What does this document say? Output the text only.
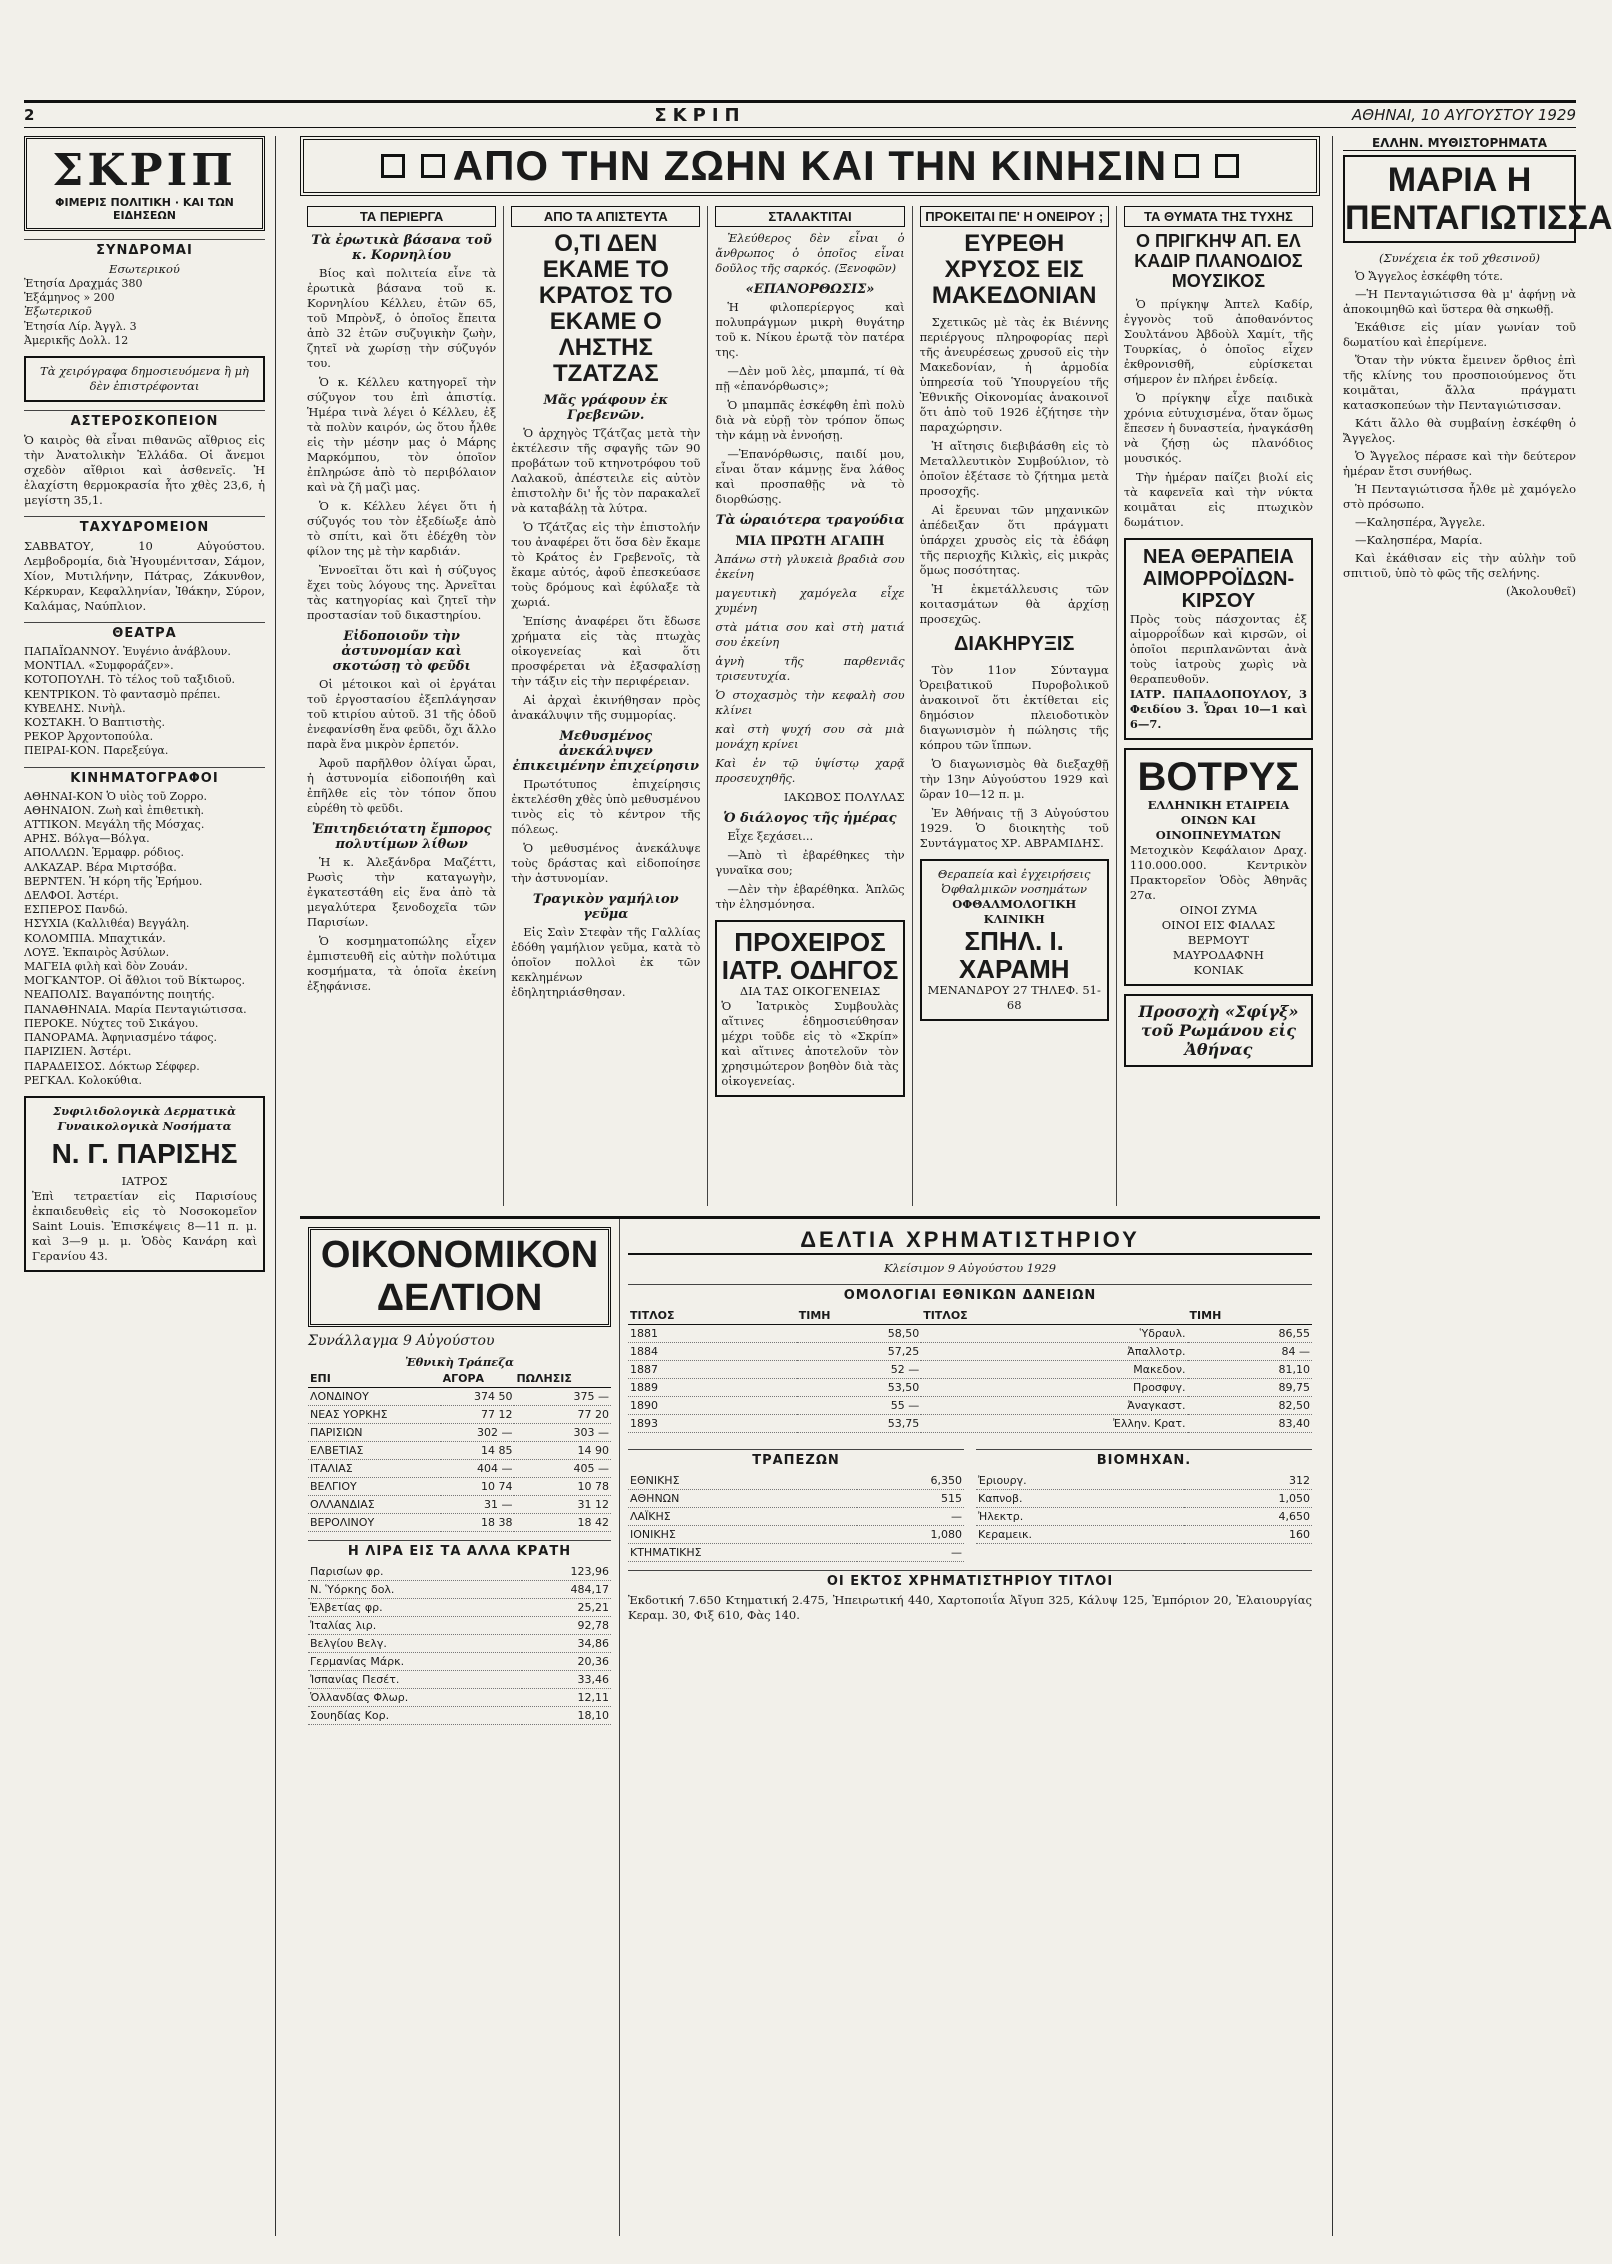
2	ΣΚΡΙΠ	ΑΘΗΝΑΙ, 10 ΑΥΓΟΥΣΤΟΥ 1929
ΣΚΡΙΠ
ΦΙΜΕΡΙΣ ΠΟΛΙΤΙΚΗ · ΚΑΙ ΤΩΝ ΕΙΔΗΣΕΩΝ
ΣΥΝΔΡΟΜΑΙ
Εσωτερικού
Ἐτησία Δραχμάς 380
Ἑξάμηνος » 200
Ἐξωτερικοῦ
Ἐτησία Λίρ. Ἀγγλ. 3
Ἀμερικῆς Δολλ. 12
Τὰ χειρόγραφα δημοσιευόμενα ἢ μὴ δὲν ἐπιστρέφονται
ΑΣΤΕΡΟΣΚΟΠΕΙΟΝ
Ὁ καιρὸς θὰ εἶναι πιθανῶς αἴθριος εἰς τὴν Ἀνατολικὴν Ἑλλάδα. Οἱ ἄνεμοι σχεδὸν αἴθριοι καὶ ἀσθενεῖς. Ἡ ἐλαχίστη θερμοκρασία ἦτο χθὲς 23,6, ἡ μεγίστη 35,1.
ΤΑΧΥΔΡΟΜΕΙΟΝ
ΣΑΒΒΑΤΟΥ, 10 Αὐγούστου. Λεμβοδρομία, διὰ Ἠγουμένιτσαν, Σάμον, Χίον, Μυτιλήνην, Πάτρας, Ζάκυνθον, Κέρκυραν, Κεφαλληνίαν, Ἰθάκην, Σύρον, Καλάμας, Ναύπλιον.
ΘΕΑΤΡΑ
ΠΑΠΑΪΩΑΝΝΟΥ. Ἐυγένιο ἀνάβλουν.
ΜΟΝΤΙΑΛ. «Συμφοράζεν».
ΚΟΤΟΠΟΥΛΗ. Τὸ τέλος τοῦ ταξιδιοῦ.
ΚΕΝΤΡΙΚΟΝ. Τὸ φαντασμὸ πρέπει.
ΚΥΒΕΛΗΣ. Νινὴλ.
ΚΟΣΤΑΚΗ. Ὁ Βαπτιστὴς.
ΡΕΚΟΡ Ἀρχοντοπούλα.
ΠΕΙΡΑΙ-ΚΟΝ. Παρεξεύγα.
ΚΙΝΗΜΑΤΟΓΡΑΦΟΙ
ΑΘΗΝΑΙ-ΚΟΝ Ὁ υἱὸς τοῦ Ζορρο.
ΑΘΗΝΑΙΟΝ. Ζωὴ καὶ ἐπιθετικὴ.
ΑΤΤΙΚΟΝ. Μεγάλη τῆς Μόσχας.
ΑΡΗΣ. Βόλγα—Βόλγα.
ΑΠΟΛΛΩΝ. Ἑρμαφρ. ρόδιος.
ΑΛΚΑΖΑΡ. Βέρα Μιρτσόβα.
ΒΕΡΝΤΕΝ. Ἡ κόρη τῆς Ἐρήμου.
ΔΕΛΦΟΙ. Ἀστέρι.
ΕΣΠΕΡΟΣ Πανδώ.
ΗΣΥΧΙΑ (Καλλιθέα) Βεγγάλη.
ΚΟΛΟΜΠΙΑ. Μπαχτικάν.
ΛΟΥΞ. Ἑκπαιρὸς Ἀσύλων.
ΜΑΓΕΙΑ φιλὴ καὶ δὸν Ζουάν.
ΜΟΓΚΑΝΤΟΡ. Οἱ ἄθλιοι τοῦ Βίκτωρος.
ΝΕΑΠΟΛΙΣ. Βαγαπόντης ποιητής.
ΠΑΝΑΘΗΝΑΙΑ. Μαρία Πενταγιώτισσα.
ΠΕΡΟΚΕ. Νύχτες τοῦ Σικάγου.
ΠΑΝΟΡΑΜΑ. Ἀφηνιασμένο τάφος.
ΠΑΡΙΖΙΕΝ. Ἀστέρι.
ΠΑΡΑΔΕΙΣΟΣ. Δόκτωρ Σέφφερ.
ΡΕΓΚΑΛ. Κολοκύθια.
Συφιλιδολογικὰ Δερματικὰ Γυναικολογικὰ Νοσήματα
Ν. Γ. ΠΑΡΙΣΗΣ
ΙΑΤΡΟΣ
Ἐπὶ τετραετίαν εἰς Παρισίους ἐκπαιδευθεὶς εἰς τὸ Νοσοκομεῖον Saint Louis. Ἐπισκέψεις 8—11 π. μ. καὶ 3—9 μ. μ. Ὁδὸς Κανάρη καὶ Γερανίου 43.
ΑΠΟ ΤΗΝ ΖΩΗΝ ΚΑΙ ΤΗΝ ΚΙΝΗΣΙΝ
ΤΑ ΠΕΡΙΕΡΓΑ
Τὰ ἐρωτικὰ βάσανα τοῦ κ. Κορνηλίου

Βίος καὶ πολιτεία εἶνε τὰ ἐρωτικὰ βάσανα τοῦ κ. Κορνηλίου Κέλλευ, ἐτῶν 65, τοῦ Μπρὸνξ, ὁ ὁποῖος ἔπειτα ἀπὸ 32 ἐτῶν συζυγικὴν ζωὴν, ζητεῖ νὰ χωρίσῃ τὴν σύζυγόν του.

Ὁ κ. Κέλλευ κατηγορεῖ τὴν σύζυγον του ἐπὶ ἀπιστίᾳ. Ἡμέρα τινὰ λέγει ὁ Κέλλευ, ἐξ τὰ πολὺν καιρόν, ὡς ὅτου ἦλθε εἰς τὴν μέσην μας ὁ Μάρης Μαρκόμπου, τὸν ὁποῖον ἐπληρώσε ἀπὸ τὸ περιβόλαιον καὶ νὰ ζῆ μαζὶ μας.

Ὁ κ. Κέλλευ λέγει ὅτι ἡ σύζυγός του τὸν ἐξεδίωξε ἀπὸ τὸ σπίτι, καὶ ὅτι ἐδέχθη τὸν φίλον της μὲ τὴν καρδιάν.

Ἐννοεῖται ὅτι καὶ ἡ σύζυγος ἔχει τοὺς λόγους της. Ἀρνεῖται τὰς κατηγορίας καὶ ζητεῖ τὴν προστασίαν τοῦ δικαστηρίου.

Εἰδοποιοῦν τὴν ἀστυνομίαν καὶ σκοτώσῃ τὸ φεῦδι

Οἱ μέτοικοι καὶ οἱ ἐργάται τοῦ ἐργοστασίου ἐξεπλάγησαν τοῦ κτιρίου αὐτοῦ. 31 τῆς ὁδοῦ ἐνεφανίσθη ἕνα φεῦδι, ὄχι ἄλλο παρὰ ἕνα μικρὸν ἐρπετόν.

Ἀφοῦ παρῆλθον ὀλίγαι ὧραι, ἡ ἀστυνομία εἰδοποιήθη καὶ ἐπῆλθε εἰς τὸν τόπον ὅπου εὑρέθη τὸ φεῦδι.

Ἐπιτηδειότατη ἔμπορος πολυτίμων λίθων

Ἡ κ. Ἀλεξάνδρα Μαζέττι, Ρωσὶς τὴν καταγωγὴν, ἐγκατεστάθη εἰς ἕνα ἀπὸ τὰ μεγαλύτερα ξενοδοχεῖα τῶν Παρισίων.

Ὁ κοσμηματοπώλης εἶχεν ἐμπιστευθῆ εἰς αὐτὴν πολύτιμα κοσμήματα, τὰ ὁποῖα ἐκείνη ἐξηφάνισε.

ΑΠΟ ΤΑ ΑΠΙΣΤΕΥΤΑ
Ο,ΤΙ ΔΕΝ ΕΚΑΜΕ ΤΟ ΚΡΑΤΟΣ ΤΟ ΕΚΑΜΕ Ο ΛΗΣΤΗΣ ΤΖΑΤΖΑΣ
Μᾶς γράφουν ἐκ Γρεβενῶν.

Ὁ ἀρχηγὸς Τζάτζας μετὰ τὴν ἐκτέλεσιν τῆς σφαγῆς τῶν 90 προβάτων τοῦ κτηνοτρόφου τοῦ Λαλακοῦ, ἀπέστειλε εἰς αὐτὸν ἐπιστολὴν δι' ἧς τὸν παρακαλεῖ νὰ καταβάλῃ τὰ λύτρα.

Ὁ Τζάτζας εἰς τὴν ἐπιστολήν του ἀναφέρει ὅτι ὅσα δὲν ἔκαμε τὸ Κράτος ἐν Γρεβενοῖς, τὰ ἔκαμε αὐτός, ἀφοῦ ἐπεσκεύασε τοὺς δρόμους καὶ ἐφύλαξε τὰ χωριά.

Ἐπίσης ἀναφέρει ὅτι ἔδωσε χρήματα εἰς τὰς πτωχὰς οἰκογενείας καὶ ὅτι προσφέρεται νὰ ἐξασφαλίσῃ τὴν τάξιν εἰς τὴν περιφέρειαν.

Αἱ ἀρχαὶ ἐκινήθησαν πρὸς ἀνακάλυψιν τῆς συμμορίας.

Μεθυσμένος ἀνεκάλυψεν ἐπικειμένην ἐπιχείρησιν

Πρωτότυπος ἐπιχείρησις ἐκτελέσθη χθὲς ὑπὸ μεθυσμένου τινὸς εἰς τὸ κέντρον τῆς πόλεως.

Ὁ μεθυσμένος ἀνεκάλυψε τοὺς δράστας καὶ εἰδοποίησε τὴν ἀστυνομίαν.

Τραγικὸν γαμήλιον γεῦμα

Εἰς Σαὶν Στεφὰν τῆς Γαλλίας ἐδόθη γαμήλιον γεῦμα, κατὰ τὸ ὁποῖον πολλοὶ ἐκ τῶν κεκλημένων ἐδηλητηριάσθησαν.

ΣΤΑΛΑΚΤΙΤΑΙ

Ἐλεύθερος δὲν εἶναι ὁ ἄνθρωπος ὁ ὁποῖος εἶναι δοῦλος τῆς σαρκός. (Ξενοφῶν)

«ΕΠΑΝΟΡΘΩΣΙΣ»

Ἡ φιλοπερίεργος καὶ πολυπράγμων μικρὴ θυγάτηρ τοῦ κ. Νίκου ἐρωτᾷ τὸν πατέρα της.

—Δὲν μοῦ λὲς, μπαμπά, τί θὰ πῇ «ἐπανόρθωσις»;

Ὁ μπαμπᾶς ἐσκέφθη ἐπὶ πολὺ διὰ νὰ εὑρῇ τὸν τρόπον ὅπως τὴν κάμῃ νὰ ἐννοήσῃ.

—Ἐπανόρθωσις, παιδί μου, εἶναι ὅταν κάμνῃς ἕνα λάθος καὶ προσπαθῇς νὰ τὸ διορθώσῃς.

Τὰ ὡραιότερα τραγούδια
ΜΙΑ ΠΡΩΤΗ ΑΓΑΠΗ

Ἀπάνω στὴ γλυκειὰ βραδιὰ σου ἐκείνη

μαγευτικὴ χαμόγελα εἶχε χυμένη

στὰ μάτια σου καὶ στὴ ματιά σου ἐκείνη

ἀγνὴ τῆς παρθενιᾶς τρισευτυχία.

Ὁ στοχασμὸς τὴν κεφαλὴ σου κλίνει

καὶ στὴ ψυχή σου σὰ μιὰ μονάχη κρίνει

Καὶ ἐν τῷ ὑψίστῳ χαρᾷ προσευχηθῆς.

ΙΑΚΩΒΟΣ ΠΟΛΥΛΑΣ

Ὁ διάλογος τῆς ἡμέρας

Εἶχε ξεχάσει...

—Ἀπὸ τὶ ἐβαρέθηκες τὴν γυναῖκα σου;

—Δὲν τὴν ἐβαρέθηκα. Ἁπλῶς τὴν ἐλησμόνησα.

ΠΡΟΧΕΙΡΟΣ ΙΑΤΡ. ΟΔΗΓΟΣ
ΔΙΑ ΤΑΣ ΟΙΚΟΓΕΝΕΙΑΣ
Ὁ Ἰατρικὸς Συμβουλὰς αἵτινες ἐδημοσιεύθησαν μέχρι τοῦδε εἰς τὸ «Σκρίπ» καὶ αἵτινες ἀποτελοῦν τὸν χρησιμώτερον βοηθὸν διὰ τὰς οἰκογενείας.
ΠΡΟΚΕΙΤΑΙ ΠΕ' Η ΟΝΕΙΡΟΥ ;
ΕΥΡΕΘΗ ΧΡΥΣΟΣ ΕΙΣ ΜΑΚΕΔΟΝΙΑΝ

Σχετικῶς μὲ τὰς ἐκ Βιέννης περιέργους πληροφορίας περὶ τῆς ἀνευρέσεως χρυσοῦ εἰς τὴν Μακεδονίαν, ἡ ἁρμοδία ὑπηρεσία τοῦ Ὑπουργείου τῆς Ἐθνικῆς Οἰκονομίας ἀνακοινοῖ ὅτι ἀπὸ τοῦ 1926 ἐζήτησε τὴν παραχώρησιν.

Ἡ αἴτησις διεβιβάσθη εἰς τὸ Μεταλλευτικὸν Συμβούλιον, τὸ ὁποῖον ἐξέτασε τὸ ζήτημα μετὰ προσοχῆς.

Αἱ ἔρευναι τῶν μηχανικῶν ἀπέδειξαν ὅτι πράγματι ὑπάρχει χρυσὸς εἰς τὰ ἐδάφη τῆς περιοχῆς Κιλκὶς, εἰς μικρὰς ὅμως ποσότητας.

Ἡ ἐκμετάλλευσις τῶν κοιτασμάτων θὰ ἀρχίσῃ προσεχῶς.

ΔΙΑΚΗΡΥΞΙΣ

Τὸν 11ον Σύνταγμα Ὀρειβατικοῦ Πυροβολικοῦ ἀνακοινοῖ ὅτι ἐκτίθεται εἰς δημόσιον πλειοδοτικὸν διαγωνισμὸν ἡ πώλησις τῆς κόπρου τῶν ἵππων.

Ὁ διαγωνισμὸς θὰ διεξαχθῇ τὴν 13ην Αὐγούστου 1929 καὶ ὥραν 10—12 π. μ.

Ἐν Ἀθήναις τῇ 3 Αὐγούστου 1929. Ὁ διοικητὴς τοῦ Συντάγματος ΧΡ. ΑΒΡΑΜΙΔΗΣ.

Θεραπεία καὶ ἐγχειρήσεις Ὀφθαλμικῶν νοσημάτων
ΟΦΘΑΛΜΟΛΟΓΙΚΗ ΚΛΙΝΙΚΗ
ΣΠΗΛ. Ι. ΧΑΡΑΜΗ
ΜΕΝΑΝΔΡΟΥ 27 ΤΗΛΕΦ. 51-68
ΤΑ ΘΥΜΑΤΑ ΤΗΣ ΤΥΧΗΣ
Ο ΠΡΙΓΚΗΨ ΑΠ. ΕΛ ΚΑΔΙΡ ΠΛΑΝΟΔΙΟΣ ΜΟΥΣΙΚΟΣ

Ὁ πρίγκηψ Ἀπτελ Καδίρ, ἐγγονὸς τοῦ ἀποθανόντος Σουλτάνου Ἀβδοὺλ Χαμίτ, τῆς Τουρκίας, ὁ ὁποῖος εἶχεν ἐκθρονισθῆ, εὑρίσκεται σήμερον ἐν πλήρει ἐνδείᾳ.

Ὁ πρίγκηψ εἶχε παιδικὰ χρόνια εὐτυχισμένα, ὅταν ὅμως ἔπεσεν ἡ δυναστεία, ἠναγκάσθη νὰ ζήσῃ ὡς πλανόδιος μουσικός.

Τὴν ἡμέραν παίζει βιολί εἰς τὰ καφενεῖα καὶ τὴν νύκτα κοιμᾶται εἰς πτωχικὸν δωμάτιον.

ΝΕΑ ΘΕΡΑΠΕΙΑ ΑΙΜΟΡΡΟΪΔΩΝ-ΚΙΡΣΟΥ
Πρὸς τοὺς πάσχοντας ἐξ αἱμορροΐδων καὶ κιρσῶν, οἱ ὁποῖοι περιπλανῶνται ἀνὰ τοὺς ἰατροὺς χωρὶς νὰ θεραπευθοῦν.
ΙΑΤΡ. ΠΑΠΑΔΟΠΟΥΛΟΥ, 3 Φειδίου 3. Ὧραι 10—1 καὶ 6—7.
ΒΟΤΡΥΣ
ΕΛΛΗΝΙΚΗ ΕΤΑΙΡΕΙΑ ΟΙΝΩΝ ΚΑΙ ΟΙΝΟΠΝΕΥΜΑΤΩΝ
Μετοχικὸν Κεφάλαιον Δραχ. 110.000.000. Κεντρικὸν Πρακτορεῖον Ὁδὸς Ἀθηνᾶς 27α.
ΟΙΝΟΙ ΖΥΜΑ
ΟΙΝΟΙ ΕΙΣ ΦΙΑΛΑΣ
ΒΕΡΜΟΥΤ
ΜΑΥΡΟΔΑΦΝΗ
ΚΟΝΙΑΚ
Προσοχὴ «Σφίγξ» τοῦ Ρωμάνου εἰς Ἀθήνας
ΕΛΛΗΝ. ΜΥΘΙΣΤΟΡΗΜΑΤΑ
ΜΑΡΙΑ Η ΠΕΝΤΑΓΙΩΤΙΣΣΑ

(Συνέχεια ἐκ τοῦ χθεσινοῦ)

Ὁ Ἄγγελος ἐσκέφθη τότε.

—Ἡ Πενταγιώτισσα θὰ μ' ἀφήνῃ νὰ ἀποκοιμηθῶ καὶ ὕστερα θὰ σηκωθῇ.

Ἐκάθισε εἰς μίαν γωνίαν τοῦ δωματίου καὶ ἐπερίμενε.

Ὅταν τὴν νύκτα ἔμεινεν ὄρθιος ἐπὶ τῆς κλίνης του προσποιούμενος ὅτι κοιμᾶται, ἄλλα πράγματι κατασκοπεύων τὴν Πενταγιώτισσαν.

Κάτι ἄλλο θὰ συμβαίνῃ ἐσκέφθη ὁ Ἄγγελος.

Ὁ Ἄγγελος πέρασε καὶ τὴν δεύτερον ἡμέραν ἔτσι συνήθως.

Ἡ Πενταγιώτισσα ἦλθε μὲ χαμόγελο στὸ πρόσωπο.

—Καλησπέρα, Ἄγγελε.

—Καλησπέρα, Μαρία.

Καὶ ἐκάθισαν εἰς τὴν αὐλὴν τοῦ σπιτιοῦ, ὑπὸ τὸ φῶς τῆς σελήνης.

(Ἀκολουθεῖ)

ΟΙΚΟΝΟΜΙΚΟΝ ΔΕΛΤΙΟΝ
Συνάλλαγμα 9 Αὐγούστου
Ἐθνικὴ Τράπεζα
ΕΠΙ	ΑΓΟΡΑ	ΠΩΛΗΣΙΣ
ΛΟΝΔΙΝΟΥ	374 50	375 —
ΝΕΑΣ ΥΟΡΚΗΣ	77 12	77 20
ΠΑΡΙΣΙΩΝ	302 —	303 —
ΕΛΒΕΤΙΑΣ	14 85	14 90
ΙΤΑΛΙΑΣ	404 —	405 —
ΒΕΛΓΙΟΥ	10 74	10 78
ΟΛΛΑΝΔΙΑΣ	31 —	31 12
ΒΕΡΟΛΙΝΟΥ	18 38	18 42
Η ΛΙΡΑ ΕΙΣ ΤΑ ΑΛΛΑ ΚΡΑΤΗ
Παρισίων φρ.	123,96
Ν. Ὑόρκης δολ.	484,17
Ἐλβετίας φρ.	25,21
Ἰταλίας λιρ.	92,78
Βελγίου Βελγ.	34,86
Γερμανίας Μάρκ.	20,36
Ἰσπανίας Πεσέτ.	33,46
Ὁλλανδίας Φλωρ.	12,11
Σουηδίας Κορ.	18,10
ΔΕΛΤΙΑ ΧΡΗΜΑΤΙΣΤΗΡΙΟΥ
Κλείσιμον 9 Αὐγούστου 1929
ΟΜΟΛΟΓΙΑΙ ΕΘΝΙΚΩΝ ΔΑΝΕΙΩΝ
ΤΙΤΛΟΣ	ΤΙΜΗ	ΤΙΤΛΟΣ	ΤΙΜΗ
1881	58,50	Ὑδραυλ.	86,55
1884	57,25	Ἀπαλλοτρ.	84 —
1887	52 —	Μακεδον.	81,10
1889	53,50	Προσφυγ.	89,75
1890	55 —	Ἀναγκαστ.	82,50
1893	53,75	Ἐλλην. Κρατ.	83,40
ΤΡΑΠΕΖΩΝ
ΕΘΝΙΚΗΣ	6,350
ΑΘΗΝΩΝ	515
ΛΑΪΚΗΣ	—
ΙΟΝΙΚΗΣ	1,080
ΚΤΗΜΑΤΙΚΗΣ	—
ΒΙΟΜΗΧΑΝ.
Ἐριουργ.	312
Καπνοβ.	1,050
Ἠλεκτρ.	4,650
Κεραμεικ.	160
ΟΙ ΕΚΤΟΣ ΧΡΗΜΑΤΙΣΤΗΡΙΟΥ ΤΙΤΛΟΙ
Ἐκδοτική 7.650 Κτηματική 2.475, Ἠπειρωτική 440, Χαρτοποιΐα Ἀἴγυπ 325, Κάλυψ 125, Ἐμπόριον 20, Ἐλαιουργίας Κεραμ. 30, Φιξ 610, Φὰς 140.
